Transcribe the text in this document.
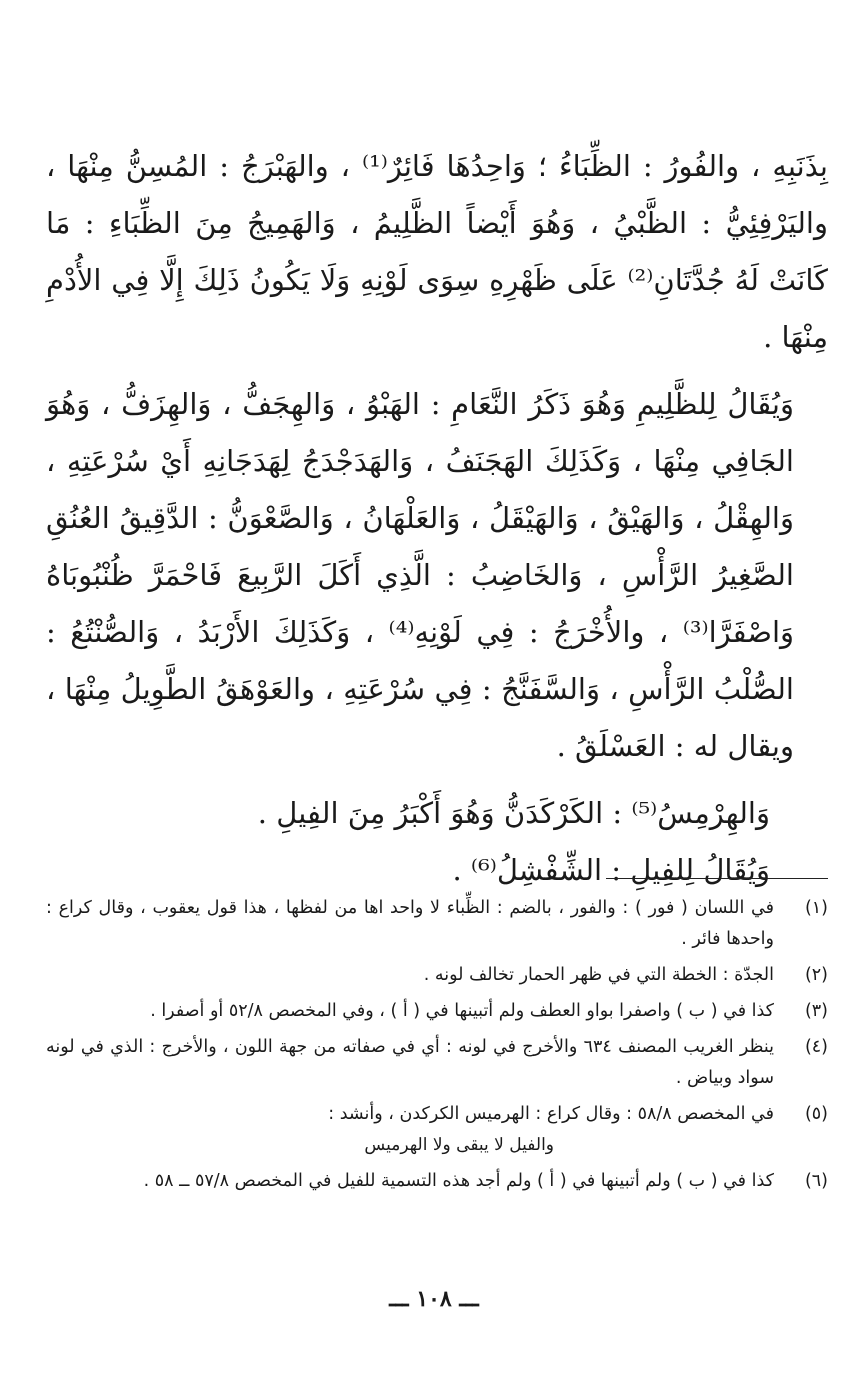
بِذَنَبِهِ ، والفُورُ : الظِّبَاءُ ؛ وَاحِدُهَا فَائِرٌ⁽¹⁾ ، والهَبْرَجُ : المُسِنُّ مِنْهَا ، واليَرْفِئِيُّ : الظَّبْيُ ، وَهُوَ أَيْضاً الظَّلِيمُ ، وَالهَمِيجُ مِنَ الظِّبَاءِ : مَا كَانَتْ لَهُ جُدَّتَانِ⁽²⁾ عَلَى ظَهْرِهِ سِوَى لَوْنِهِ وَلَا يَكُونُ ذَلِكَ إِلَّا فِي الأُدْمِ مِنْهَا .

وَيُقَالُ لِلظَّلِيمِ وَهُوَ ذَكَرُ النَّعَامِ : الهَبْوُ ، وَالهِجَفُّ ، وَالهِزَفُّ ، وَهُوَ الجَافِي مِنْهَا ، وَكَذَلِكَ الهَجَنَفُ ، وَالهَدَجْدَجُ لِهَدَجَانِهِ أَيْ سُرْعَتِهِ ، وَالهِقْلُ ، وَالهَيْقُ ، وَالهَيْقَلُ ، وَالعَلْهَانُ ، وَالصَّعْوَنُّ : الدَّقِيقُ العُنُقِ الصَّغِيرُ الرَّأْسِ ، وَالخَاضِبُ : الَّذِي أَكَلَ الرَّبِيعَ فَاحْمَرَّ ظُنْبُوبَاهُ وَاصْفَرَّا⁽³⁾ ، والأُخْرَجُ : فِي لَوْنِهِ⁽⁴⁾ ، وَكَذَلِكَ الأَرْبَدُ ، وَالصُّنْتُعُ : الصُّلْبُ الرَّأْسِ ، وَالسَّفَنَّجُ : فِي سُرْعَتِهِ ، والعَوْهَقُ الطَّوِيلُ مِنْهَا ، ويقال له : العَسْلَقُ .

وَالهِرْمِسُ⁽⁵⁾ : الكَرْكَدَنُّ وَهُوَ أَكْبَرُ مِنَ الفِيلِ .

وَيُقَالُ لِلفِيلِ : الشِّفْشِلُ⁽⁶⁾ .

(١)
في اللسان ( فور ) : والفور ، بالضم : الظِّباء لا واحد اها من لفظها ، هذا قول يعقوب ، وقال كراع : واحدها فائر .
(٢)
الجدّة : الخطة التي في ظهر الحمار تخالف لونه .
(٣)
كذا في ( ب ) واصفرا بواو العطف ولم أتبينها في ( أ ) ، وفي المخصص ٥٢/٨ أو أصفرا .
(٤)
ينظر الغريب المصنف ٦٣٤ والأخرج في لونه : أي في صفاته من جهة اللون ، والأخرج : الذي في لونه سواد وبياض .
(٥)
في المخصص ٥٨/٨ : وقال كراع : الهرميس الكركدن ، وأنشد :
والفيل لا يبقى ولا الهرميس
(٦)
كذا في ( ب ) ولم أتبينها في ( أ ) ولم أجد هذه التسمية للفيل في المخصص ٥٧/٨ ــ ٥٨ .
ـــ ١٠٨ ـــ
